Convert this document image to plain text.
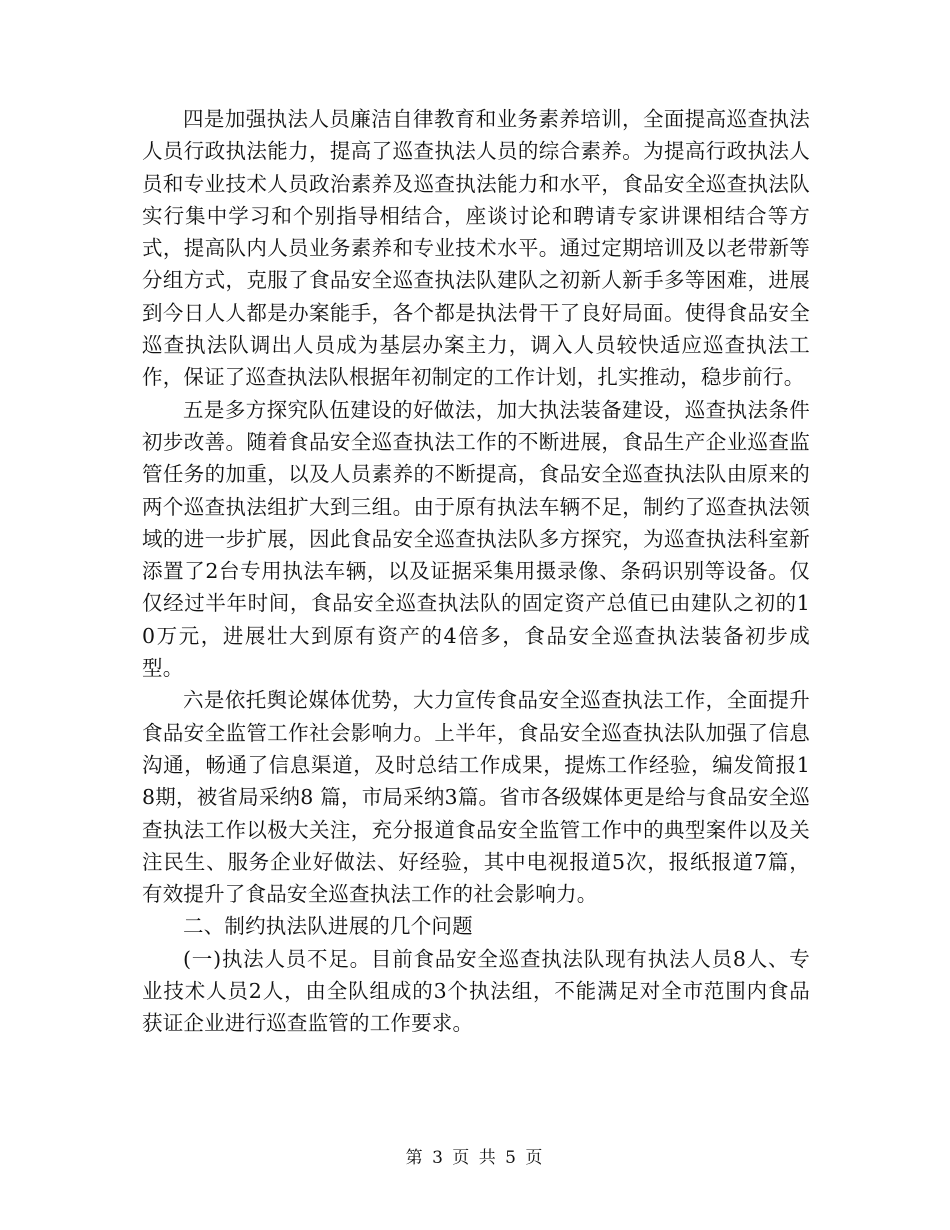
四是加强执法人员廉洁自律教育和业务素养培训，全面提高巡查执法人员行政执法能力，提高了巡查执法人员的综合素养。为提高行政执法人员和专业技术人员政治素养及巡查执法能力和水平，食品安全巡查执法队实行集中学习和个别指导相结合，座谈讨论和聘请专家讲课相结合等方式，提高队内人员业务素养和专业技术水平。通过定期培训及以老带新等分组方式，克服了食品安全巡查执法队建队之初新人新手多等困难，进展到今日人人都是办案能手，各个都是执法骨干了良好局面。使得食品安全巡查执法队调出人员成为基层办案主力，调入人员较快适应巡查执法工作，保证了巡查执法队根据年初制定的工作计划，扎实推动，稳步前行。

五是多方探究队伍建设的好做法，加大执法装备建设，巡查执法条件初步改善。随着食品安全巡查执法工作的不断进展，食品生产企业巡查监管任务的加重，以及人员素养的不断提高，食品安全巡查执法队由原来的两个巡查执法组扩大到三组。由于原有执法车辆不足，制约了巡查执法领域的进一步扩展，因此食品安全巡查执法队多方探究，为巡查执法科室新添置了2台专用执法车辆，以及证据采集用摄录像、条码识别等设备。仅仅经过半年时间，食品安全巡查执法队的固定资产总值已由建队之初的10万元，进展壮大到原有资产的4倍多，食品安全巡查执法装备初步成型。

六是依托舆论媒体优势，大力宣传食品安全巡查执法工作，全面提升食品安全监管工作社会影响力。上半年，食品安全巡查执法队加强了信息沟通，畅通了信息渠道，及时总结工作成果，提炼工作经验，编发简报18期，被省局采纳8 篇，市局采纳3篇。省市各级媒体更是给与食品安全巡查执法工作以极大关注，充分报道食品安全监管工作中的典型案件以及关注民生、服务企业好做法、好经验，其中电视报道5次，报纸报道7篇，有效提升了食品安全巡查执法工作的社会影响力。

二、制约执法队进展的几个问题

(一)执法人员不足。目前食品安全巡查执法队现有执法人员8人、专业技术人员2人，由全队组成的3个执法组，不能满足对全市范围内食品获证企业进行巡查监管的工作要求。

第 3 页 共 5 页
